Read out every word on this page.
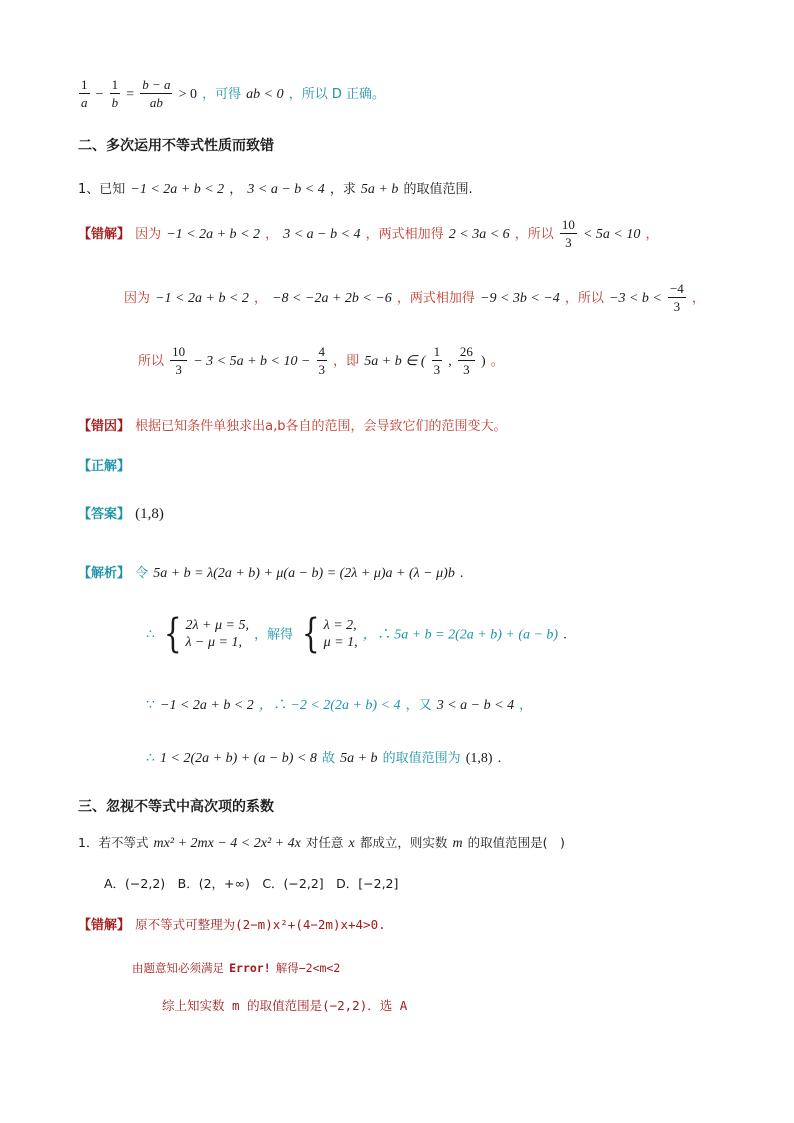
$\frac{1}{a} - \frac{1}{b} = \frac{b - a}{ab} > 0$ ，可得 ab < 0 ，所以 D 正确。
二、多次运用不等式性质而致错
1、已知 −1 < 2a + b < 2 ， 3 < a − b < 4 ，求 5a + b 的取值范围.
【错解】 因为 −1 < 2a + b < 2 ， 3 < a − b < 4 ，两式相加得 2 < 3a < 6 ，所以 $\frac{10}{3} < 5a < 10$ ，
因为 −1 < 2a + b < 2 ， −8 < −2a + 2b < −6 ，两式相加得 −9 < 3b < −4 ，所以 $-3 < b < \frac{-4}{3}$ ，
所以 $\frac{10}{3} - 3 < 5a + b < 10 - \frac{4}{3}$ ，即 5a + b ∈ ( $\frac{1}{3}$ , $\frac{26}{3}$ ) 。
【错因】 根据已知条件单独求出a,b各自的范围，会导致它们的范围变大。
【正解】
【答案】 (1,8)
【解析】 令 5a + b = λ(2a + b) + μ(a − b) = (2λ + μ)a + (λ − μ)b .
∴ { 2λ + μ = 5,
λ − μ = 1, ，解得 { λ = 2,
μ = 1, ，∴ 5a + b = 2(2a + b) + (a − b) .
∵ −1 < 2a + b < 2 ，∴ −2 < 2(2a + b) < 4 ，又 3 < a − b < 4 ，
∴ 1 < 2(2a + b) + (a − b) < 8 故 5a + b 的取值范围为 (1,8) .
三、忽视不等式中高次项的系数
1．若不等式 mx² + 2mx − 4 < 2x² + 4x 对任意 x 都成立，则实数 m 的取值范围是(　)
A．(−2,2)　B．(2，+∞)　C．(−2,2]　D．[−2,2]
【错解】 原不等式可整理为(2−m)x²+(4−2m)x+4>0.
由题意知必须满足 Error! 解得−2<m<2
综上知实数 m 的取值范围是(−2,2)．选 A
